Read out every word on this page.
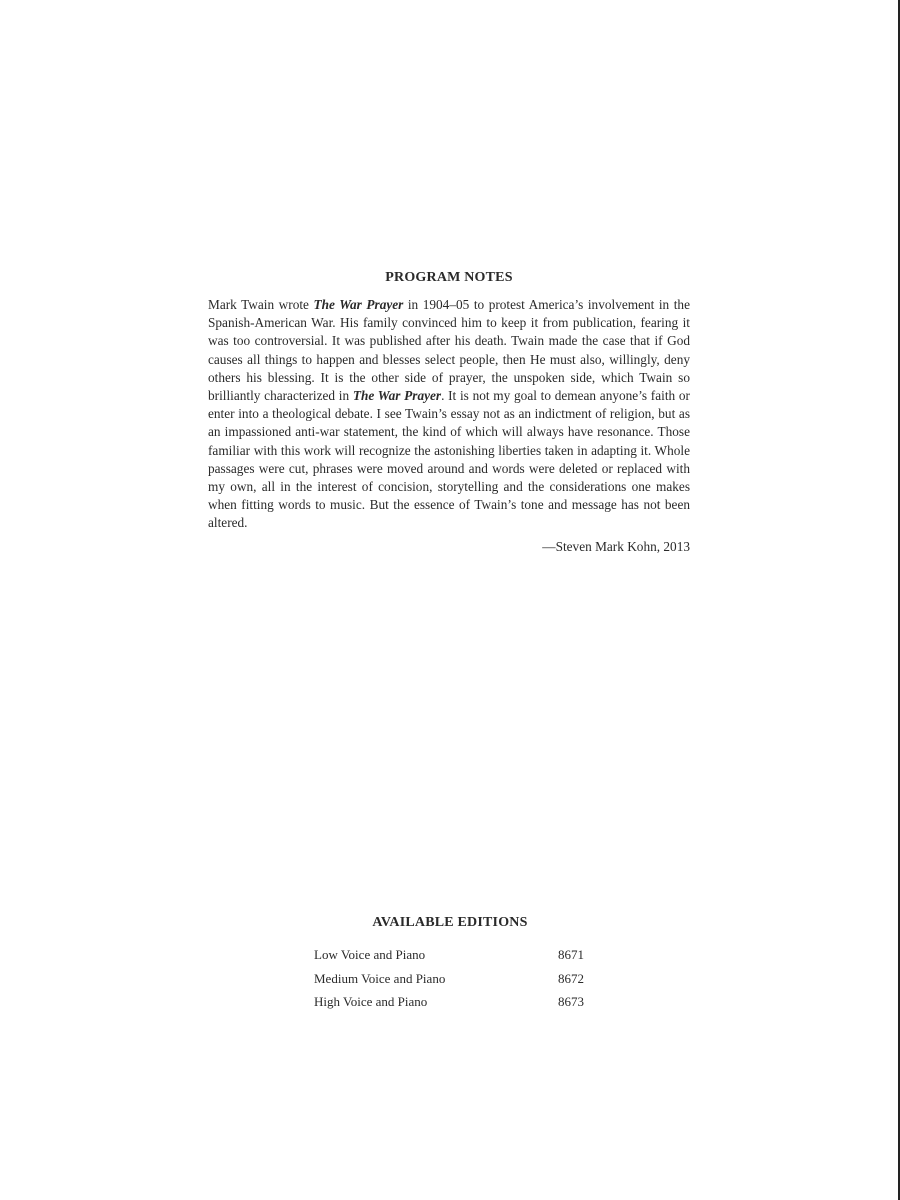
PROGRAM NOTES

Mark Twain wrote The War Prayer in 1904–05 to protest America’s involvement in the Spanish-American War. His family convinced him to keep it from publication, fearing it was too controversial. It was published after his death. Twain made the case that if God causes all things to happen and blesses select people, then He must also, willingly, deny others his blessing. It is the other side of prayer, the unspoken side, which Twain so brilliantly characterized in The War Prayer. It is not my goal to demean anyone’s faith or enter into a theological debate. I see Twain’s essay not as an indictment of religion, but as an impassioned anti-war statement, the kind of which will always have resonance. Those familiar with this work will recognize the astonishing liberties taken in adapting it. Whole passages were cut, phrases were moved around and words were deleted or replaced with my own, all in the interest of concision, storytelling and the considerations one makes when fitting words to music. But the essence of Twain’s tone and message has not been altered.

—Steven Mark Kohn, 2013
AVAILABLE EDITIONS
Low Voice and Piano	8671
Medium Voice and Piano	8672
High Voice and Piano	8673
